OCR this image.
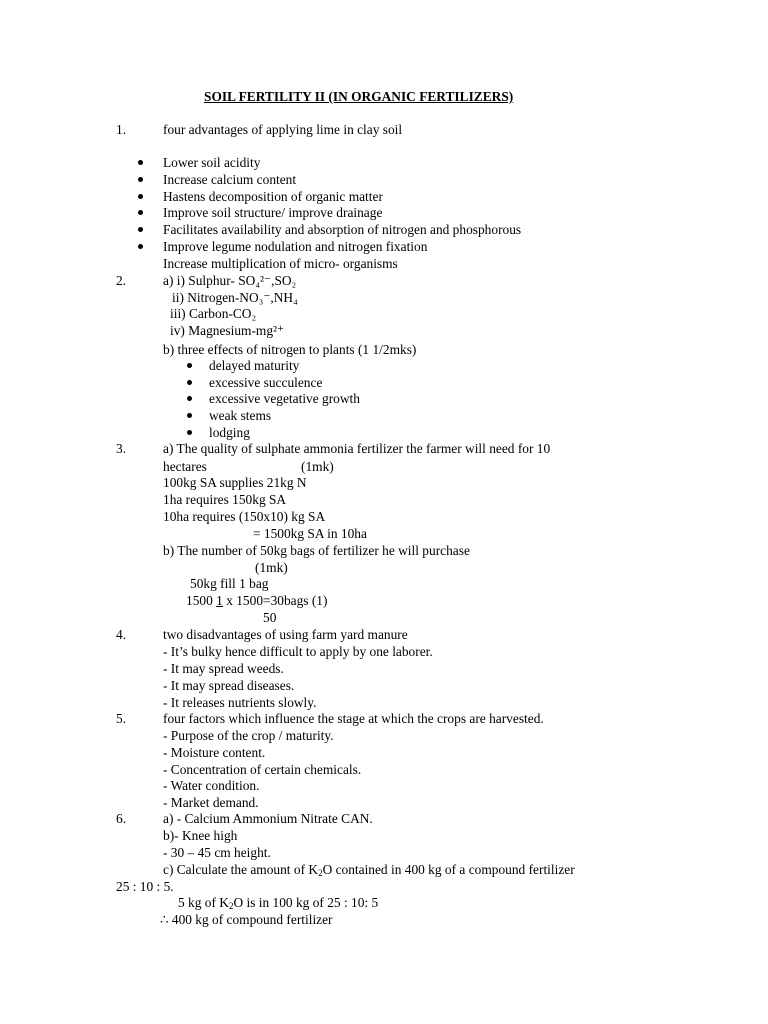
SOIL FERTILITY II (IN ORGANIC FERTILIZERS)
1.	four advantages of applying lime in clay soil
Lower soil acidity
Increase calcium content
Hastens decomposition of organic matter
Improve soil structure/ improve drainage
Facilitates availability and absorption of nitrogen and phosphorous
Improve legume nodulation and nitrogen fixation
Increase multiplication of micro- organisms
2.	a) i) Sulphur- SO₄²⁻,SO₂
ii) Nitrogen-NO₃⁻,NH₄
iii) Carbon-CO₂
iv) Magnesium-mg²⁺
b) three effects of nitrogen to plants (1 1/2mks)
delayed maturity
excessive succulence
excessive vegetative growth
weak stems
lodging
3.	a) The quality of sulphate ammonia fertilizer the farmer will need for 10
hectares	(1mk)
100kg SA supplies 21kg N
1ha requires 150kg SA
10ha requires (150x10) kg SA
= 1500kg SA in 10ha
b) The number of 50kg bags of fertilizer he will purchase
(1mk)
50kg fill 1 bag
1500 1 x 1500=30bags (1)
50
4.	two disadvantages of using farm yard manure
- It’s bulky hence difficult to apply by one laborer.
- It may spread weeds.
- It may spread diseases.
- It releases nutrients slowly.
5.	four factors which influence the stage at which the crops are harvested.
- Purpose of the crop / maturity.
- Moisture content.
- Concentration of certain chemicals.
- Water condition.
- Market demand.
6.	a) - Calcium Ammonium Nitrate CAN.
b)- Knee high
- 30 – 45 cm height.
c) Calculate the amount of $K_2O$ contained in 400 kg of a compound fertilizer
25 : 10 : 5.
5 kg of $K_2O$ is in 100 kg of 25 : 10: 5
∴ 400 kg of compound fertilizer
